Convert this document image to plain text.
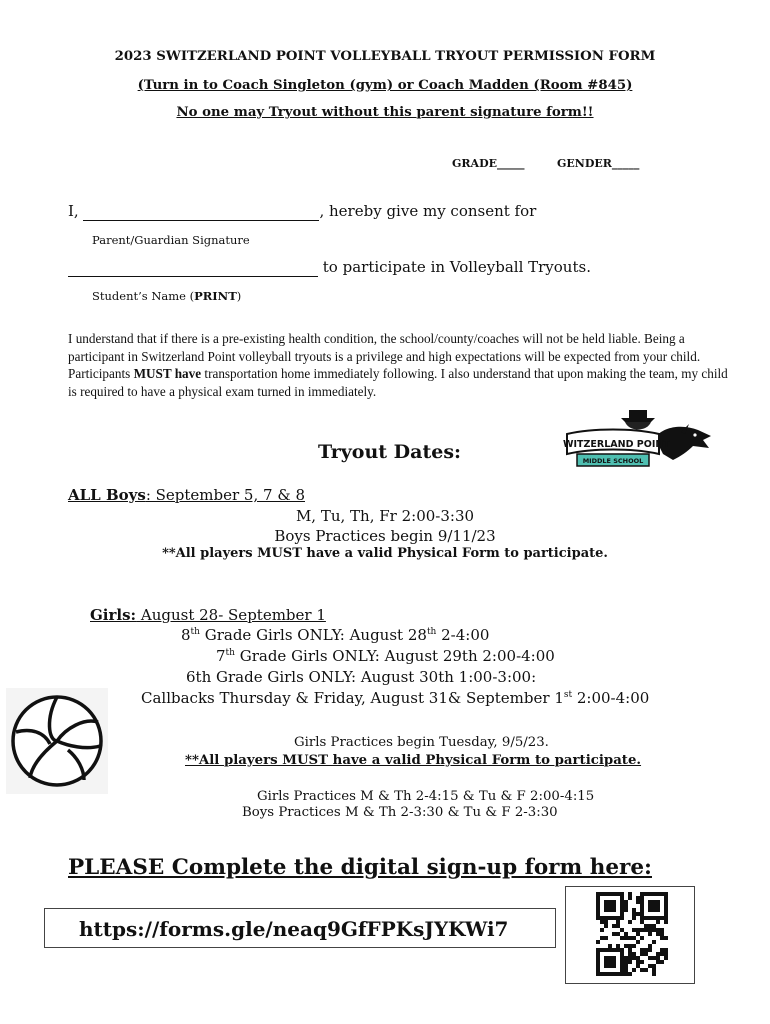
2023 SWITZERLAND POINT VOLLEYBALL TRYOUT PERMISSION FORM
(Turn in to Coach Singleton (gym) or Coach Madden (Room #845)
No one may Tryout without this parent signature form!!
GRADE_____	GENDER_____
I,	, hereby give my consent for
Parent/Guardian Signature
to participate in Volleyball Tryouts.
Student’s Name (PRINT)
I understand that if there is a pre-existing health condition, the school/county/coaches will not be held liable. Being a participant in Switzerland Point volleyball tryouts is a privilege and high expectations will be expected from your child. Participants MUST have transportation home immediately following. I also understand that upon making the team, my child is required to have a physical exam turned in immediately.
Tryout Dates:	SWITZERLAND POINT
MIDDLE SCHOOL
ALL Boys: September 5, 7 & 8
M, Tu, Th, Fr 2:00-3:30
Boys Practices begin 9/11/23
**All players MUST have a valid Physical Form to participate.
Girls: August 28- September 1
8th Grade Girls ONLY: August 28th 2-4:00
7th Grade Girls ONLY: August 29th 2:00-4:00
6th Grade Girls ONLY: August 30th 1:00-3:00:
Callbacks Thursday & Friday, August 31& September 1st 2:00-4:00
Girls Practices begin Tuesday, 9/5/23.
**All players MUST have a valid Physical Form to participate.
Girls Practices M & Th 2-4:15 & Tu & F 2:00-4:15
Boys Practices M & Th 2-3:30 & Tu & F 2-3:30
PLEASE Complete the digital sign-up form here:
https://forms.gle/neaq9GfFPKsJYKWi7
